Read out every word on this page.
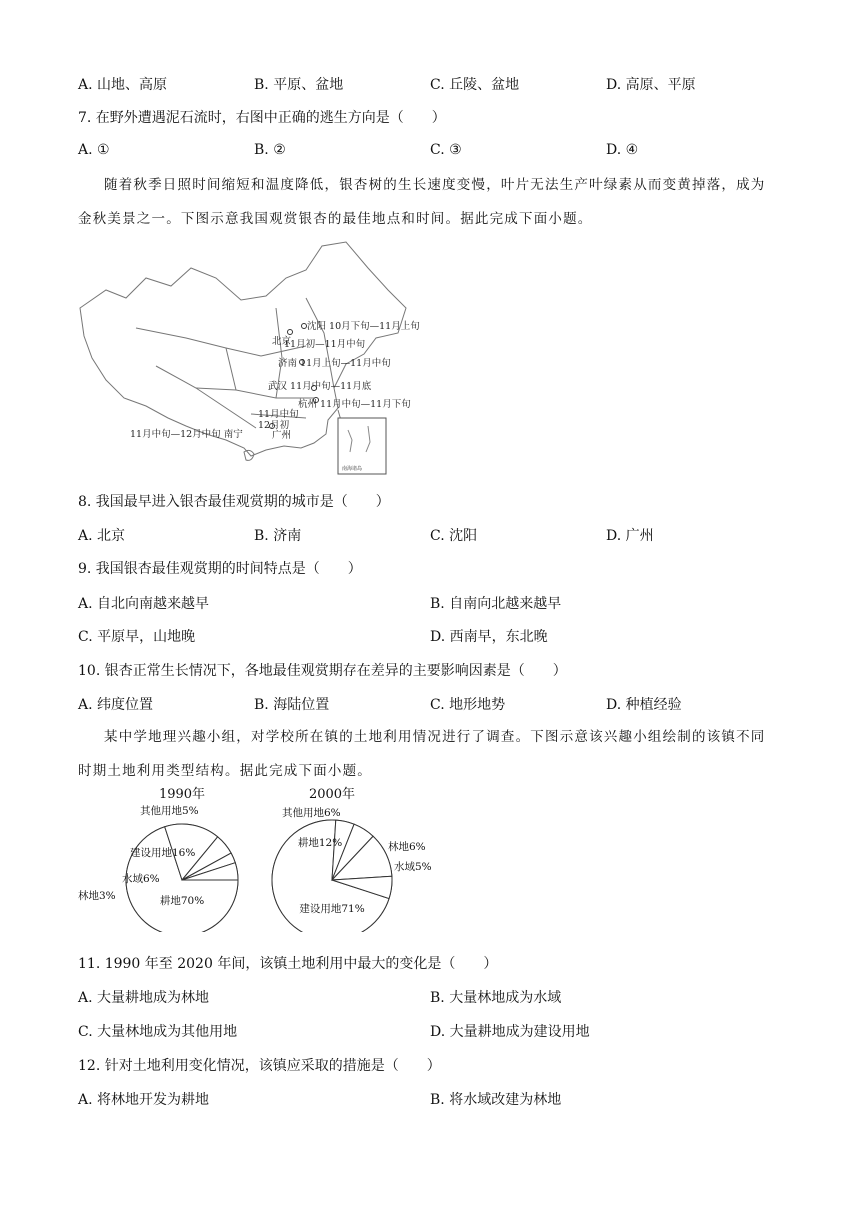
A. 山地、高原	B. 平原、盆地	C. 丘陵、盆地	D. 高原、平原
7. 在野外遭遇泥石流时，右图中正确的逃生方向是（　　）
A. ①	B. ②	C. ③	D. ④
随着秋季日照时间缩短和温度降低，银杏树的生长速度变慢，叶片无法生产叶绿素从而变黄掉落，成为金秋美景之一。下图示意我国观赏银杏的最佳地点和时间。据此完成下面小题。
南海诸岛
沈阳 10月下旬—11月上旬
北京
11月初—11月中旬
济南 11月上旬—11月中旬
武汉 11月中旬—11月底
杭州 11月中旬—11月下旬
11月中旬
12月初
11月中旬—12月中旬 南宁	广州
8. 我国最早进入银杏最佳观赏期的城市是（　　）
A. 北京	B. 济南	C. 沈阳	D. 广州
9. 我国银杏最佳观赏期的时间特点是（　　）
A. 自北向南越来越早	B. 自南向北越来越早
C. 平原早，山地晚	D. 西南早，东北晚
10. 银杏正常生长情况下，各地最佳观赏期存在差异的主要影响因素是（　　）
A. 纬度位置	B. 海陆位置	C. 地形地势	D. 种植经验
某中学地理兴趣小组，对学校所在镇的土地利用情况进行了调查。下图示意该兴趣小组绘制的该镇不同时期土地利用类型结构。据此完成下面小题。
1990年
耕地70%
建设用地16%
水域6%
林地3%
其他用地5%
2000年
建设用地71%
水域5%
林地6%
耕地12%
其他用地6%
11. 1990 年至 2020 年间，该镇土地利用中最大的变化是（　　）
A. 大量耕地成为林地	B. 大量林地成为水域
C. 大量林地成为其他用地	D. 大量耕地成为建设用地
12. 针对土地利用变化情况，该镇应采取的措施是（　　）
A. 将林地开发为耕地	B. 将水域改建为林地
